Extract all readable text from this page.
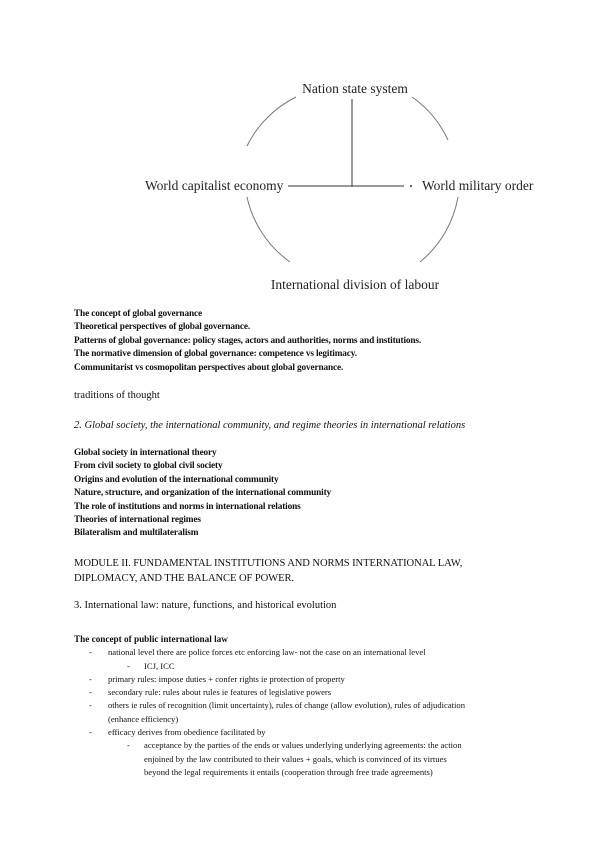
Nation state system
World capitalist economy	World military order
International division of labour
The concept of global governance
Theoretical perspectives of global governance.
Patterns of global governance: policy stages, actors and authorities, norms and institutions.
The normative dimension of global governance: competence vs legitimacy.
Communitarist vs cosmopolitan perspectives about global governance.
traditions of thought
2. Global society, the international community, and regime theories in international relations
Global society in international theory
From civil society to global civil society
Origins and evolution of the international community
Nature, structure, and organization of the international community
The role of institutions and norms in international relations
Theories of international regimes
Bilateralism and multilateralism
MODULE II. FUNDAMENTAL INSTITUTIONS AND NORMS INTERNATIONAL LAW,
DIPLOMACY, AND THE BALANCE OF POWER.
3. International law: nature, functions, and historical evolution
The concept of public international law
- national level there are police forces etc enforcing law- not the case on an international level
- ICJ, ICC
- primary rules: impose duties + confer rights ie protection of property
- secondary rule: rules about rules ie features of legislative powers
- others ie rules of recognition (limit uncertainty), rules of change (allow evolution), rules of adjudication
(enhance efficiency)
- efficacy derives from obedience facilitated by
- acceptance by the parties of the ends or values underlying underlying agreements: the action
enjoined by the law contributed to their values + goals, which is convinced of its virtues
beyond the legal requirements it entails (cooperation through free trade agreements)
